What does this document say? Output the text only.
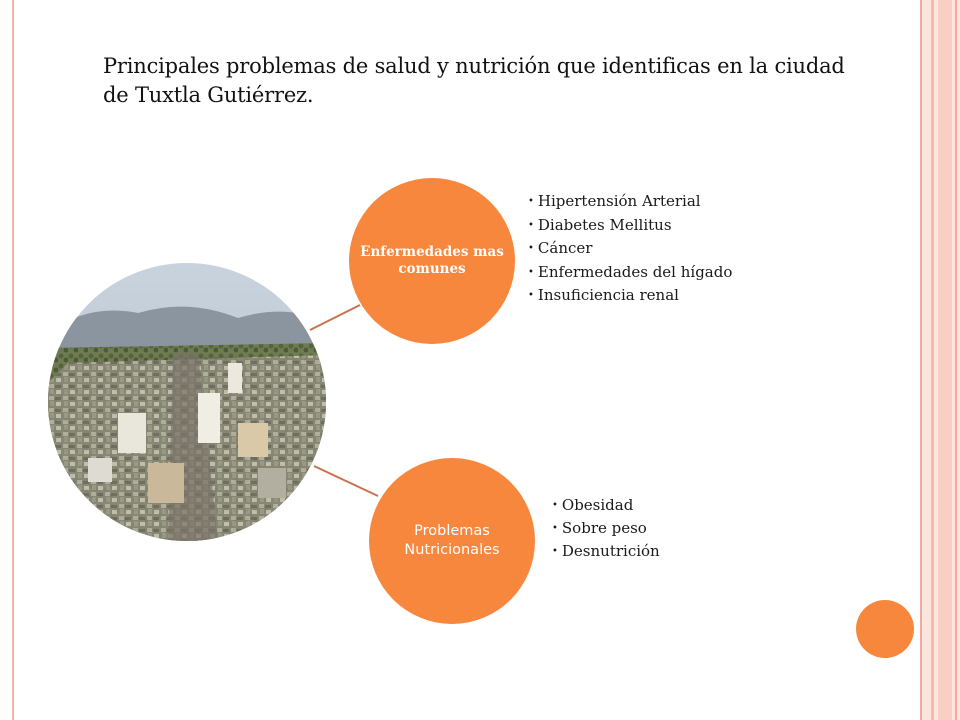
Principales problemas de salud y nutrición que identificas en la ciudad de Tuxtla Gutiérrez.
Enfermedades mas comunes
• Hipertensión Arterial
• Diabetes Mellitus
• Cáncer
• Enfermedades del hígado
• Insuficiencia renal
Problemas Nutricionales
• Obesidad
• Sobre peso
• Desnutrición
